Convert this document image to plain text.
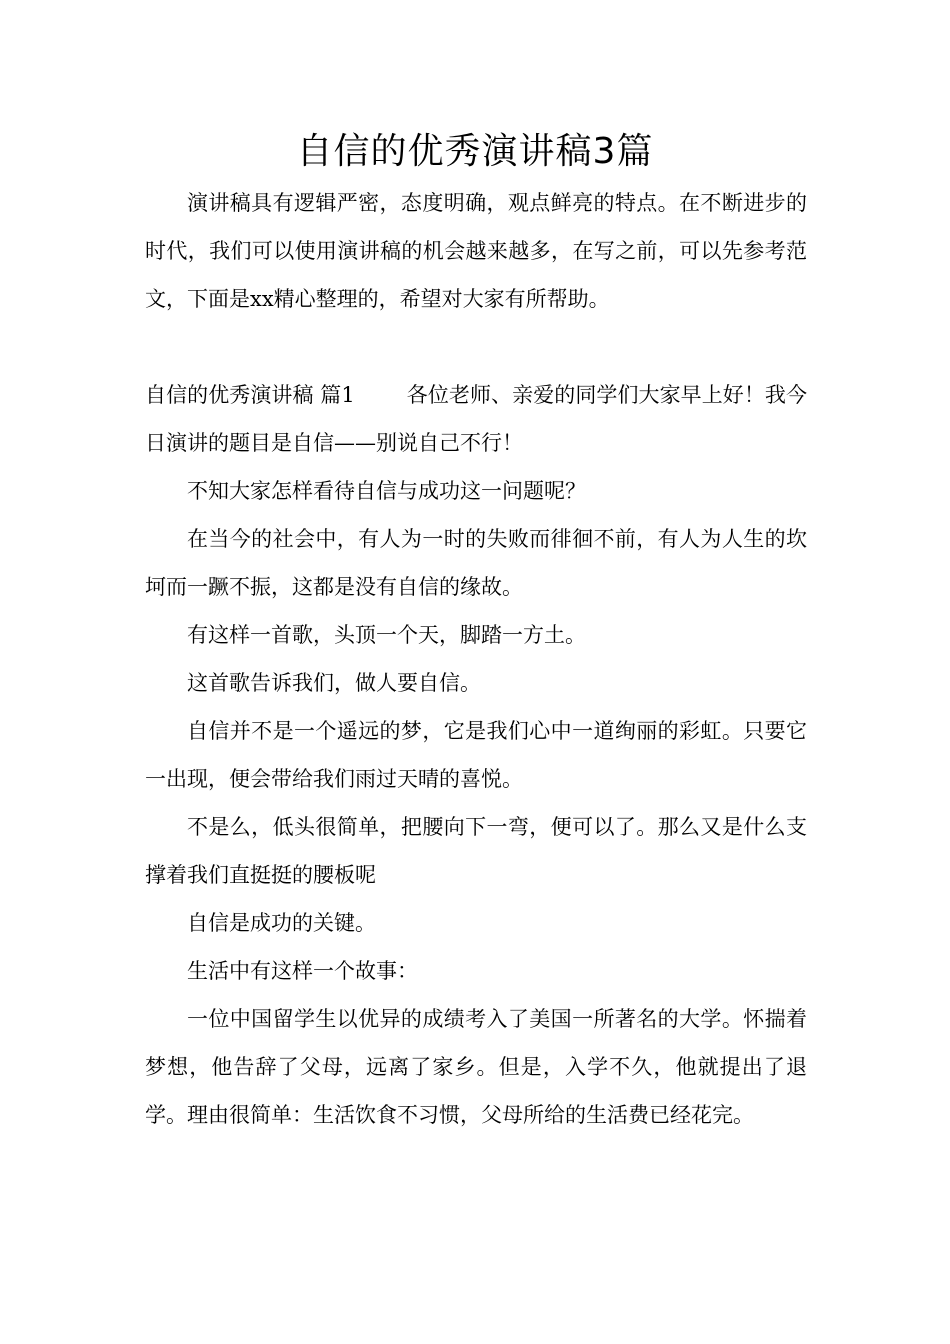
自信的优秀演讲稿3篇

演讲稿具有逻辑严密，态度明确，观点鲜亮的特点。在不断进步的时代，我们可以使用演讲稿的机会越来越多，在写之前，可以先参考范文，下面是xx精心整理的，希望对大家有所帮助。

自信的优秀演讲稿 篇1 各位老师、亲爱的同学们大家早上好！我今日演讲的题目是自信——别说自己不行！

不知大家怎样看待自信与成功这一问题呢？

在当今的社会中，有人为一时的失败而徘徊不前，有人为人生的坎坷而一蹶不振，这都是没有自信的缘故。

有这样一首歌，头顶一个天，脚踏一方土。

这首歌告诉我们，做人要自信。

自信并不是一个遥远的梦，它是我们心中一道绚丽的彩虹。只要它一出现，便会带给我们雨过天晴的喜悦。

不是么，低头很简单，把腰向下一弯，便可以了。那么又是什么支撑着我们直挺挺的腰板呢

自信是成功的关键。

生活中有这样一个故事：

一位中国留学生以优异的成绩考入了美国一所著名的大学。怀揣着梦想，他告辞了父母，远离了家乡。但是，入学不久，他就提出了退学。理由很简单：生活饮食不习惯，父母所给的生活费已经花完。
